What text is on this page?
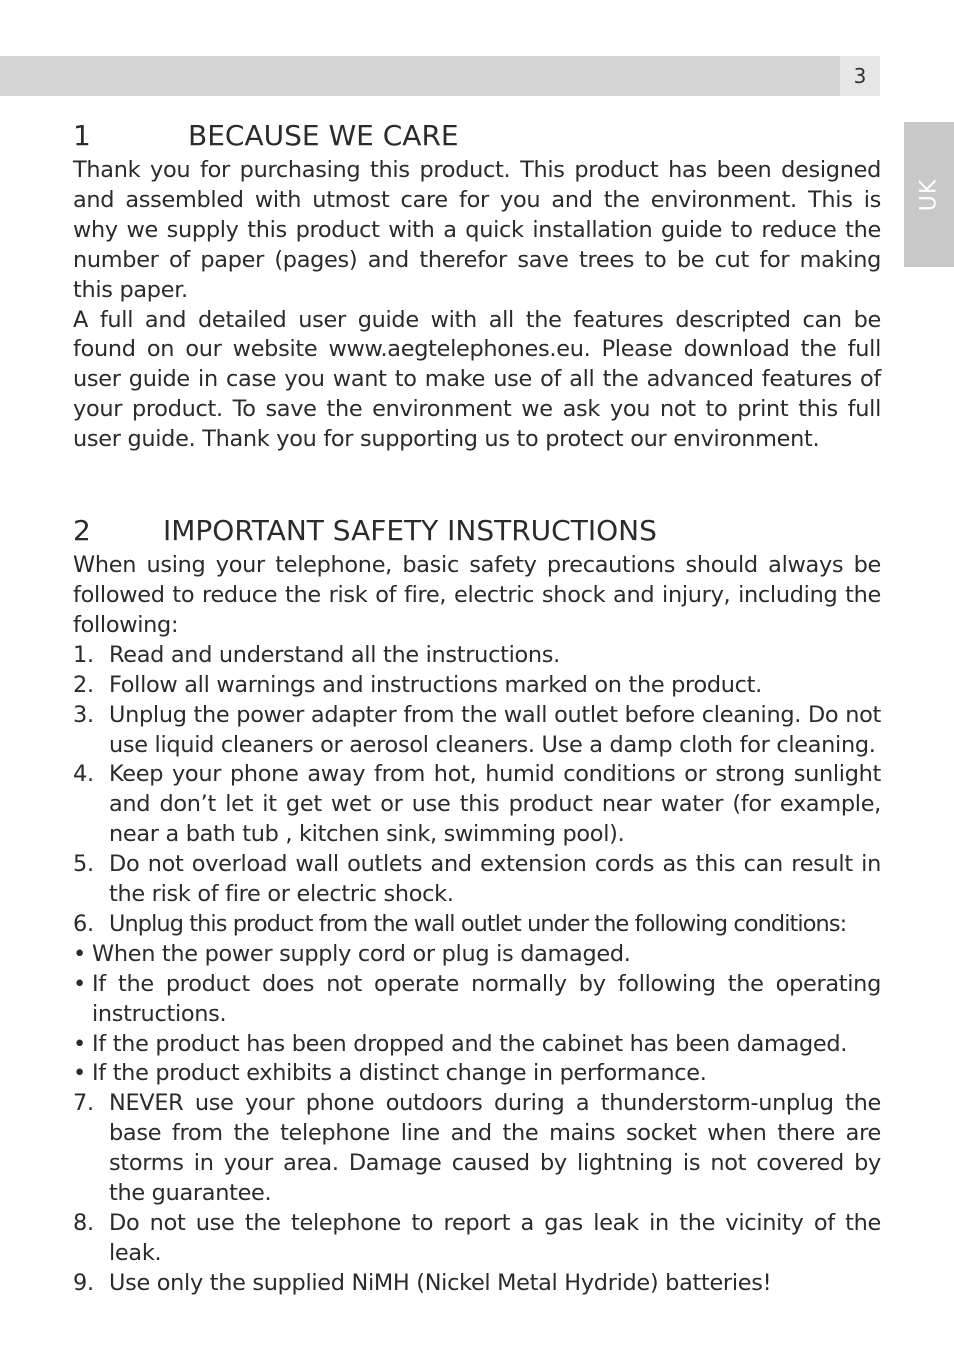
3
UK
1	BECAUSE WE CARE

Thank you for purchasing this product. This product has been designed and assembled with utmost care for you and the environment. This is why we supply this product with a quick installation guide to reduce the number of paper (pages) and therefor save trees to be cut for making this paper.

A full and detailed user guide with all the features descripted can be found on our website www.aegtelephones.eu. Please download the full user guide in case you want to make use of all the advanced features of your product. To save the environment we ask you not to print this full user guide. Thank you for supporting us to protect our environment.

2	IMPORTANT SAFETY INSTRUCTIONS

When using your telephone, basic safety precautions should always be followed to reduce the risk of fire, electric shock and injury, including the following:

1. Read and understand all the instructions.
2. Follow all warnings and instructions marked on the product.
3. Unplug the power adapter from the wall outlet before cleaning. Do not use liquid cleaners or aerosol cleaners. Use a damp cloth for cleaning.
4. Keep your phone away from hot, humid conditions or strong sunlight and don’t let it get wet or use this product near water (for example, near a bath tub , kitchen sink, swimming pool).
5. Do not overload wall outlets and extension cords as this can result in the risk of fire or electric shock.
6. Unplug this product from the wall outlet under the following conditions:
• When the power supply cord or plug is damaged.
• If the product does not operate normally by following the operating instructions.
• If the product has been dropped and the cabinet has been damaged.
• If the product exhibits a distinct change in performance.
7. NEVER use your phone outdoors during a thunderstorm-unplug the base from the telephone line and the mains socket when there are storms in your area. Damage caused by lightning is not covered by the guarantee.
8. Do not use the telephone to report a gas leak in the vicinity of the leak.
9. Use only the supplied NiMH (Nickel Metal Hydride) batteries!
